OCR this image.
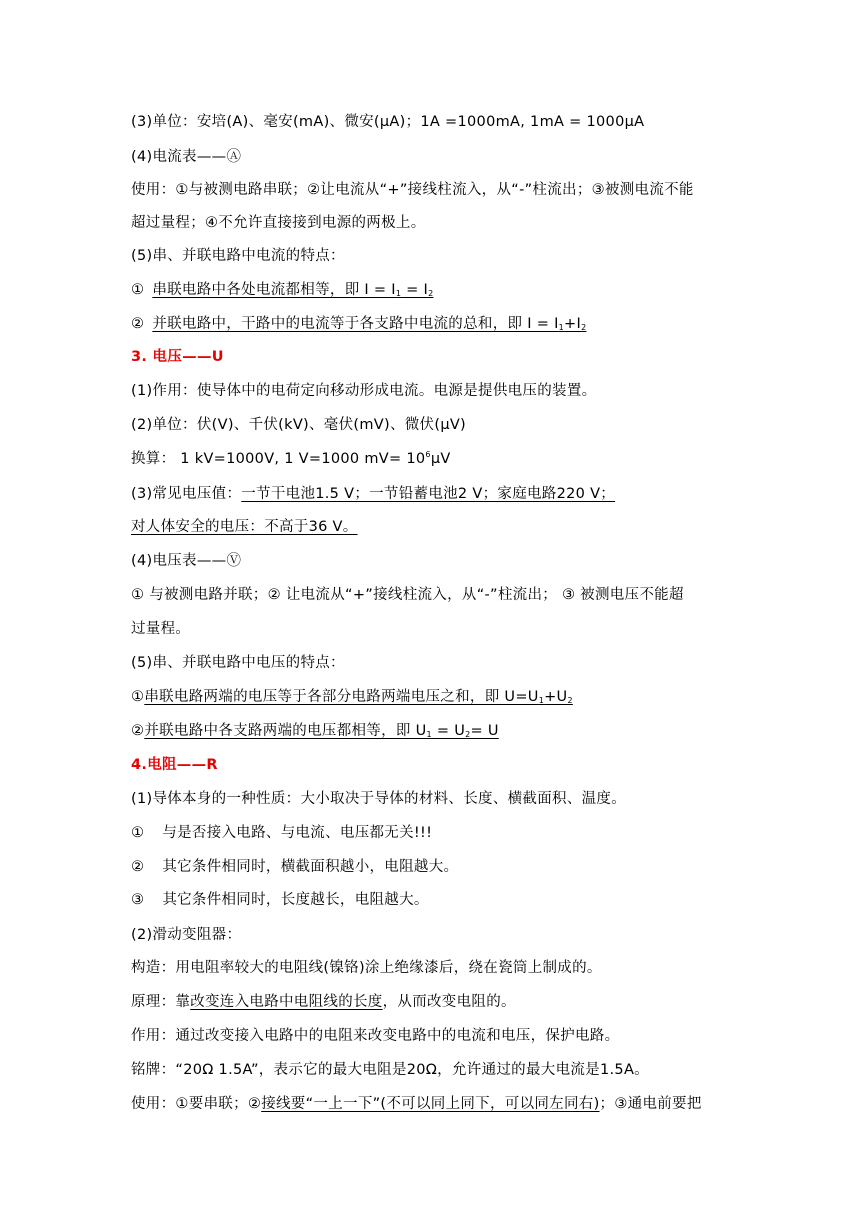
(3)单位：安培(A)、毫安(mA)、微安(μA)；1A =1000mA, 1mA = 1000μA
(4)电流表——Ⓐ
使用：①与被测电路串联；②让电流从“+”接线柱流入，从“-”柱流出；③被测电流不能
超过量程；④不允许直接接到电源的两极上。
(5)串、并联电路中电流的特点：
① 串联电路中各处电流都相等，即 $I = I_1 = I_2$
② 并联电路中，干路中的电流等于各支路中电流的总和，即 $I = I_1+I_2$
3. 电压——U
(1)作用：使导体中的电荷定向移动形成电流。电源是提供电压的装置。
(2)单位：伏(V)、千伏(kV)、毫伏(mV)、微伏(μV)
换算： 1 kV=1000V, 1 V=1000 $mV= 10^6\mu V$
(3)常见电压值：一节干电池1.5 V；一节铅蓄电池2 V；家庭电路220 V；
对人体安全的电压：不高于36 V。
(4)电压表——Ⓥ
① 与被测电路并联；② 让电流从“+”接线柱流入，从“-”柱流出； ③ 被测电压不能超
过量程。
(5)串、并联电路中电压的特点：
①串联电路两端的电压等于各部分电路两端电压之和，即 $U=U_1+U_2$
②并联电路中各支路两端的电压都相等，即 $U_1 = U_2= U$
4.电阻——R
(1)导体本身的一种性质：大小取决于导体的材料、长度、横截面积、温度。
① 与是否接入电路、与电流、电压都无关!!!
② 其它条件相同时，横截面积越小，电阻越大。
③ 其它条件相同时，长度越长，电阻越大。
(2)滑动变阻器：
构造：用电阻率较大的电阻线(镍铬)涂上绝缘漆后，绕在瓷筒上制成的。
原理：靠改变连入电路中电阻线的长度，从而改变电阻的。
作用：通过改变接入电路中的电阻来改变电路中的电流和电压，保护电路。
铭牌：“20Ω 1.5A”，表示它的最大电阻是20Ω，允许通过的最大电流是1.5A。
使用：①要串联；②接线要“一上一下”(不可以同上同下，可以同左同右)；③通电前要把
